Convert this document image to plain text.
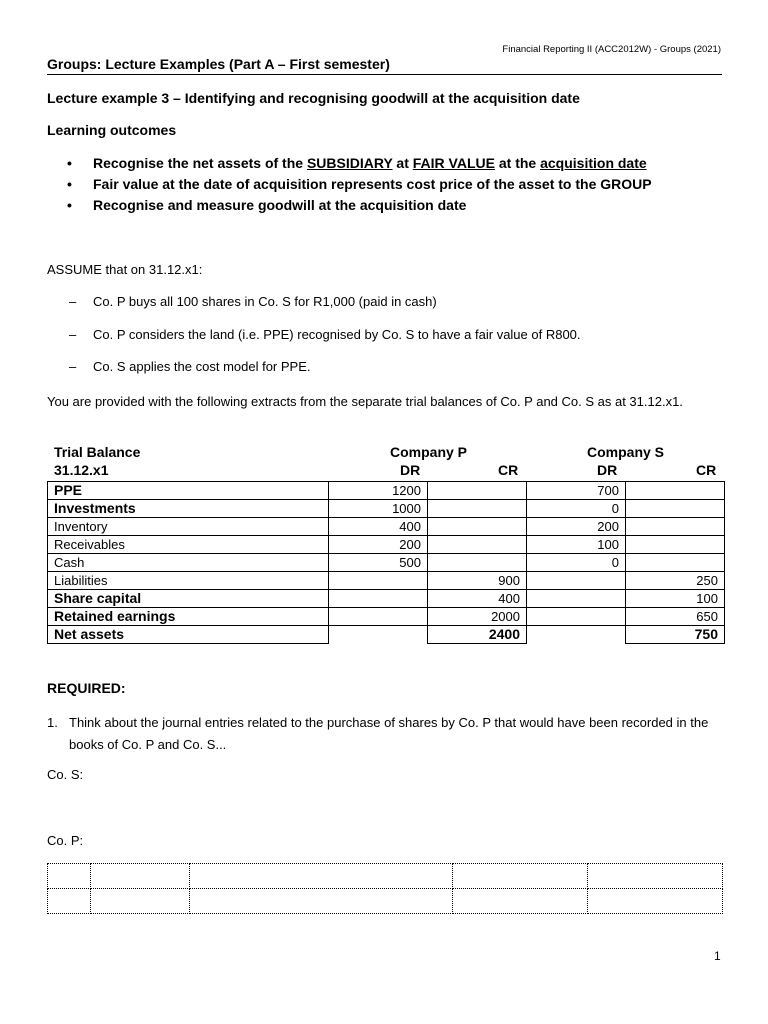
Financial Reporting II (ACC2012W) - Groups (2021)
Groups: Lecture Examples (Part A – First semester)
Lecture example 3 – Identifying and recognising goodwill at the acquisition date
Learning outcomes
• Recognise the net assets of the SUBSIDIARY at FAIR VALUE at the acquisition date
• Fair value at the date of acquisition represents cost price of the asset to the GROUP
• Recognise and measure goodwill at the acquisition date
ASSUME that on 31.12.x1:
– Co. P buys all 100 shares in Co. S for R1,000 (paid in cash)
– Co. P considers the land (i.e. PPE) recognised by Co. S to have a fair value of R800.
– Co. S applies the cost model for PPE.
You are provided with the following extracts from the separate trial balances of Co. P and Co. S as at 31.12.x1.
Trial Balance
31.12.x1
Company P	Company S
DR	CR	DR	CR
PPE	1200		700	
Investments	1000		0	
Inventory	400		200	
Receivables	200		100	
Cash	500		0	
Liabilities		900		250
Share capital		400		100
Retained earnings		2000		650
Net assets		2400		750
REQUIRED:
1. Think about the journal entries related to the purchase of shares by Co. P that would have been recorded in the books of Co. P and Co. S...
Co. S:
Co. P:

1
